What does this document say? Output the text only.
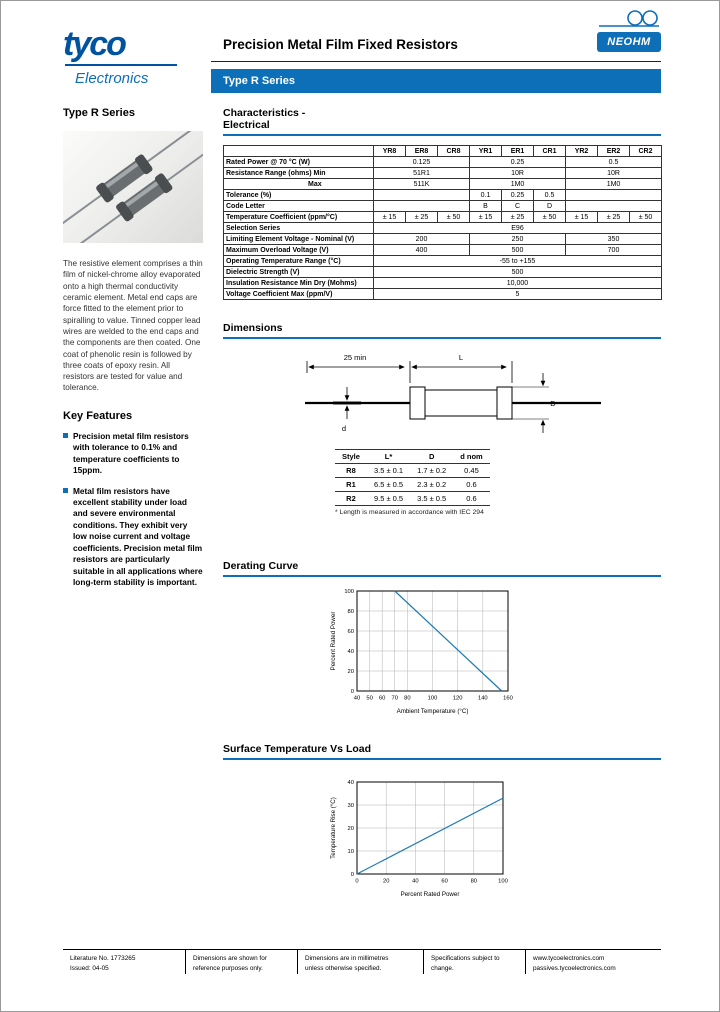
tyco
Electronics
Precision Metal Film Fixed Resistors
Type R Series
NEOHM
Type R Series
The resistive element comprises a thin film of nickel-chrome alloy evaporated onto a high thermal conductivity ceramic element. Metal end caps are force fitted to the element prior to spiralling to value. Tinned copper lead wires are welded to the end caps and the components are then coated. One coat of phenolic resin is followed by three coats of epoxy resin. All resistors are tested for value and tolerance.
Key Features
Precision metal film resistors with tolerance to 0.1% and temperature coefficients to 15ppm.
Metal film resistors have excellent stability under load and severe environmental conditions. They exhibit very low noise current and voltage coefficients. Precision metal film resistors are particularly suitable in all applications where long-term stability is important.
Characteristics -
Electrical
	YR8	ER8	CR8	YR1	ER1	CR1	YR2	ER2	CR2
Rated Power @ 70 °C (W)	0.125			0.25			0.5		
Resistance Range (ohms) Min	51R1			10R			10R		
Max	511K			1M0			1M0		
Tolerance (%)				0.1	0.25	0.5			
Code Letter				B	C	D			
Temperature Coefficient (ppm/°C)	± 15	± 25	± 50	± 15	± 25	± 50	± 15	± 25	± 50
Selection Series	E96								
Limiting Element Voltage - Nominal (V)	200			250			350		
Maximum Overload Voltage (V)	400			500			700		
Operating Temperature Range (°C)	-55 to +155								
Dielectric Strength (V)	500								
Insulation Resistance Min Dry (Mohms)	10,000								
Voltage Coefficient Max (ppm/V)	5								
Dimensions
25 min	L
d
D
Style	L*	D	d nom
R8	3.5 ± 0.1	1.7 ± 0.2	0.45
R1	6.5 ± 0.5	2.3 ± 0.2	0.6
R2	9.5 ± 0.5	3.5 ± 0.5	0.6
* Length is measured in accordance with IEC 294
Derating Curve
40 50 60 70 80	100	120	140	160
0
20
40
60
80
100
Ambient Temperature (°C)
Percent Rated Power
Surface Temperature Vs Load
0	20	40	60	80	100
0
10
20
30
40
Percent Rated Power
Temperature Rise (°C)
Literature No. 1773265
Issued: 04-05
Dimensions are shown for
reference purposes only.
Dimensions are in millimetres
unless otherwise specified.
Specifications subject to
change.
www.tycoelectronics.com
passives.tycoelectronics.com
